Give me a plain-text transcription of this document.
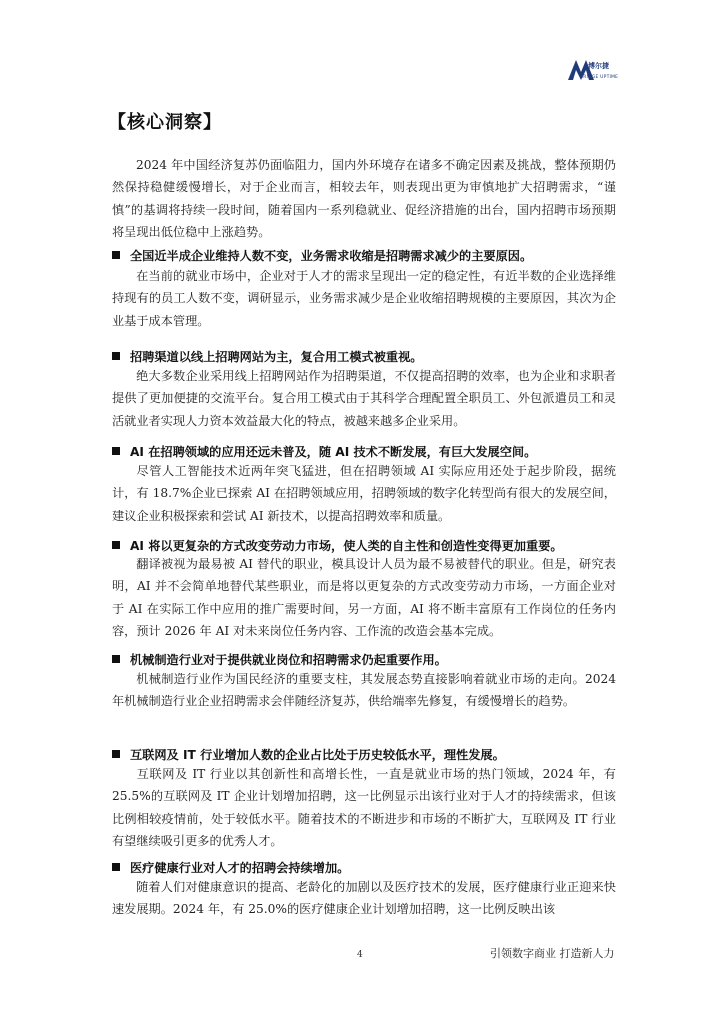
博尔捷
BRIDGE UPTIME
【核心洞察】
2024 年中国经济复苏仍面临阻力，国内外环境存在诸多不确定因素及挑战，整体预期仍然保持稳健缓慢增长，对于企业而言，相较去年，则表现出更为审慎地扩大招聘需求，“谨慎”的基调将持续一段时间，随着国内一系列稳就业、促经济措施的出台，国内招聘市场预期将呈现出低位稳中上涨趋势。
全国近半成企业维持人数不变，业务需求收缩是招聘需求减少的主要原因。
在当前的就业市场中，企业对于人才的需求呈现出一定的稳定性，有近半数的企业选择维持现有的员工人数不变，调研显示，业务需求减少是企业收缩招聘规模的主要原因，其次为企业基于成本管理。
招聘渠道以线上招聘网站为主，复合用工模式被重视。
绝大多数企业采用线上招聘网站作为招聘渠道，不仅提高招聘的效率，也为企业和求职者提供了更加便捷的交流平台。复合用工模式由于其科学合理配置全职员工、外包派遣员工和灵活就业者实现人力资本效益最大化的特点，被越来越多企业采用。
AI 在招聘领域的应用还远未普及，随 AI 技术不断发展，有巨大发展空间。
尽管人工智能技术近两年突飞猛进，但在招聘领域 AI 实际应用还处于起步阶段，据统计，有 18.7%企业已探索 AI 在招聘领域应用，招聘领域的数字化转型尚有很大的发展空间，建议企业积极探索和尝试 AI 新技术，以提高招聘效率和质量。
AI 将以更复杂的方式改变劳动力市场，使人类的自主性和创造性变得更加重要。
翻译被视为最易被 AI 替代的职业，模具设计人员为最不易被替代的职业。但是，研究表明，AI 并不会简单地替代某些职业，而是将以更复杂的方式改变劳动力市场，一方面企业对于 AI 在实际工作中应用的推广需要时间，另一方面，AI 将不断丰富原有工作岗位的任务内容，预计 2026 年 AI 对未来岗位任务内容、工作流的改造会基本完成。
机械制造行业对于提供就业岗位和招聘需求仍起重要作用。
机械制造行业作为国民经济的重要支柱，其发展态势直接影响着就业市场的走向。2024 年机械制造行业企业招聘需求会伴随经济复苏，供给端率先修复，有缓慢增长的趋势。
互联网及 IT 行业增加人数的企业占比处于历史较低水平，理性发展。
互联网及 IT 行业以其创新性和高增长性，一直是就业市场的热门领域，2024 年，有 25.5%的互联网及 IT 企业计划增加招聘，这一比例显示出该行业对于人才的持续需求，但该比例相较疫情前，处于较低水平。随着技术的不断进步和市场的不断扩大，互联网及 IT 行业有望继续吸引更多的优秀人才。
医疗健康行业对人才的招聘会持续增加。
随着人们对健康意识的提高、老龄化的加剧以及医疗技术的发展，医疗健康行业正迎来快速发展期。2024 年，有 25.0%的医疗健康企业计划增加招聘，这一比例反映出该
4	引领数字商业 打造新人力
